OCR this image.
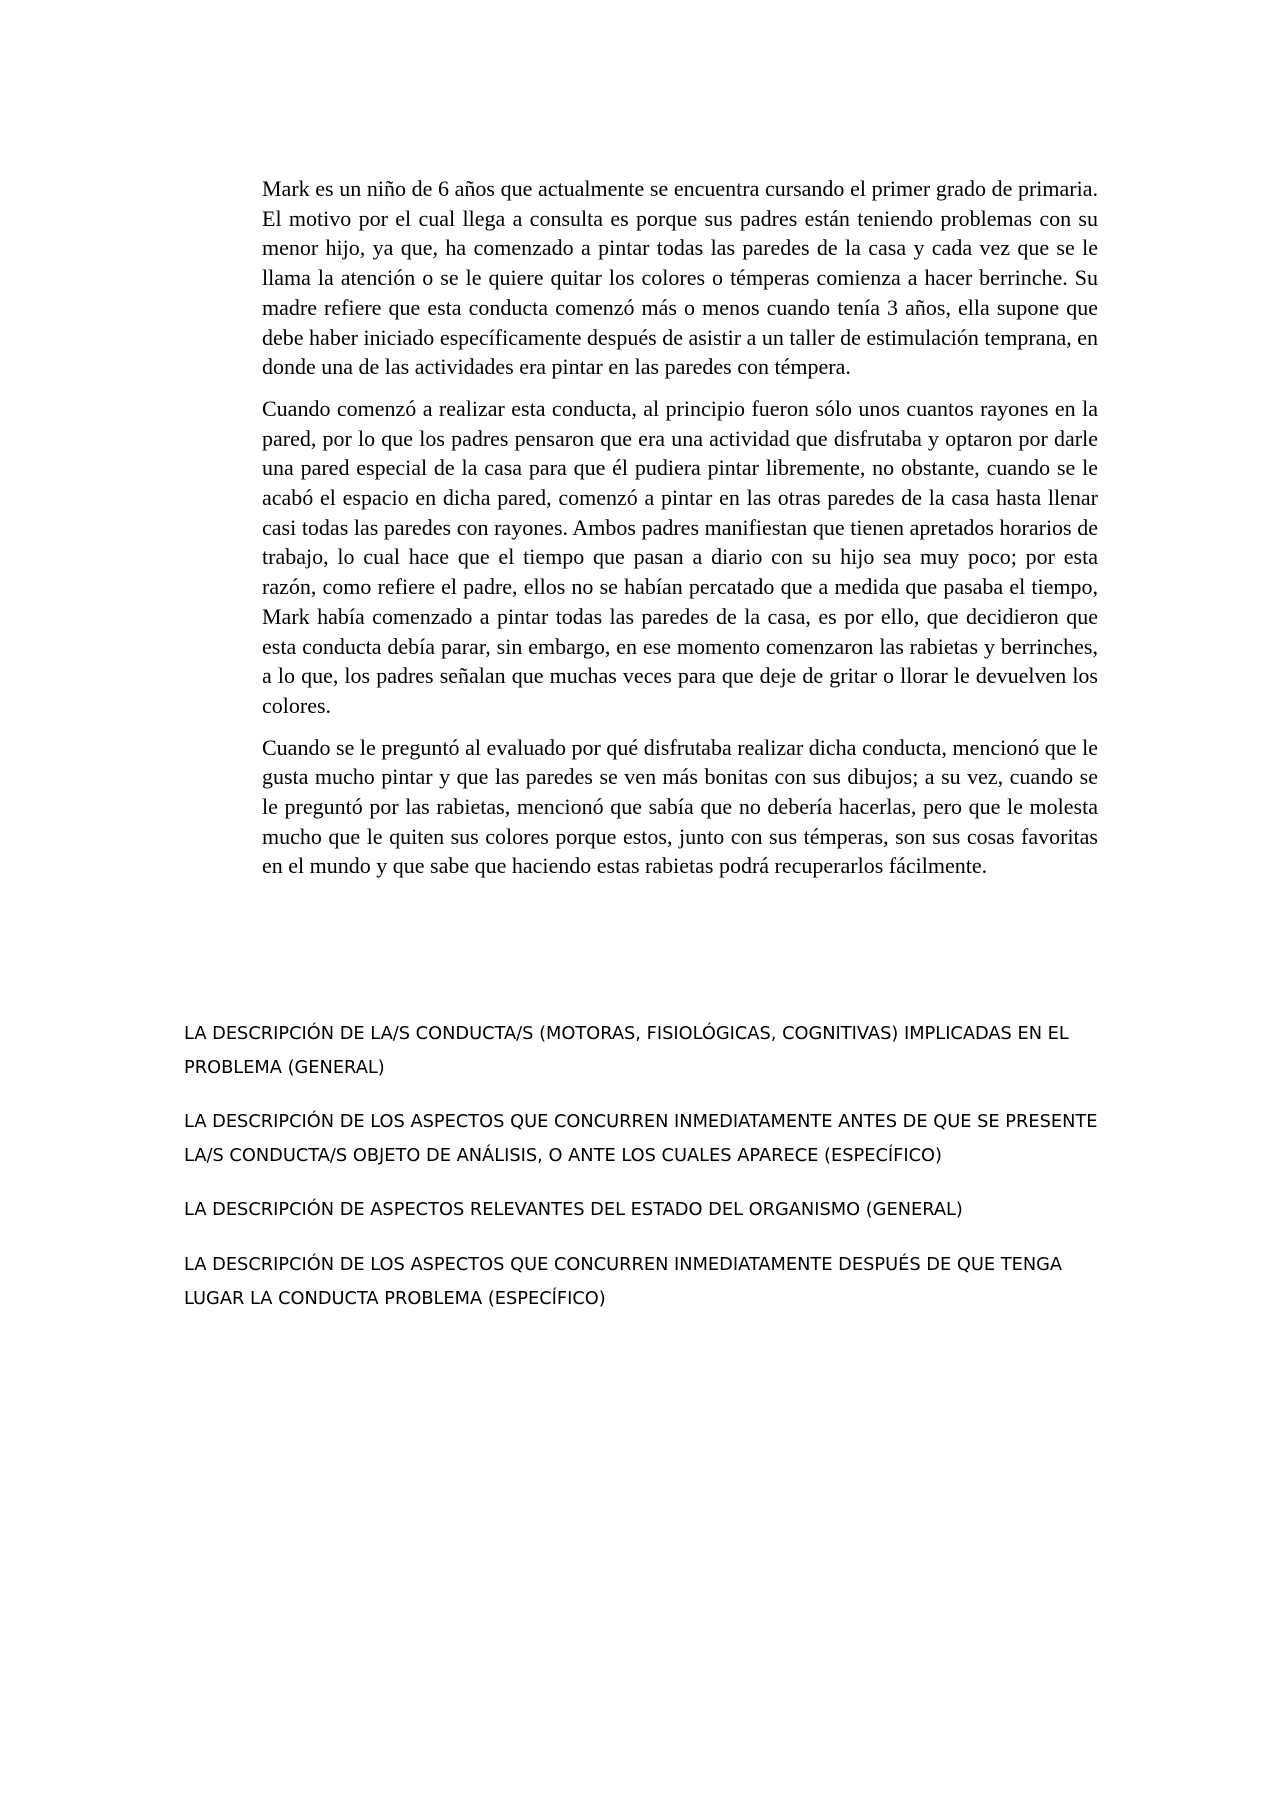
Mark es un niño de 6 años que actualmente se encuentra cursando el primer grado de primaria. El motivo por el cual llega a consulta es porque sus padres están teniendo problemas con su menor hijo, ya que, ha comenzado a pintar todas las paredes de la casa y cada vez que se le llama la atención o se le quiere quitar los colores o témperas comienza a hacer berrinche. Su madre refiere que esta conducta comenzó más o menos cuando tenía 3 años, ella supone que debe haber iniciado específicamente después de asistir a un taller de estimulación temprana, en donde una de las actividades era pintar en las paredes con témpera.

Cuando comenzó a realizar esta conducta, al principio fueron sólo unos cuantos rayones en la pared, por lo que los padres pensaron que era una actividad que disfrutaba y optaron por darle una pared especial de la casa para que él pudiera pintar libremente, no obstante, cuando se le acabó el espacio en dicha pared, comenzó a pintar en las otras paredes de la casa hasta llenar casi todas las paredes con rayones. Ambos padres manifiestan que tienen apretados horarios de trabajo, lo cual hace que el tiempo que pasan a diario con su hijo sea muy poco; por esta razón, como refiere el padre, ellos no se habían percatado que a medida que pasaba el tiempo, Mark había comenzado a pintar todas las paredes de la casa, es por ello, que decidieron que esta conducta debía parar, sin embargo, en ese momento comenzaron las rabietas y berrinches, a lo que, los padres señalan que muchas veces para que deje de gritar o llorar le devuelven los colores.

Cuando se le preguntó al evaluado por qué disfrutaba realizar dicha conducta, mencionó que le gusta mucho pintar y que las paredes se ven más bonitas con sus dibujos; a su vez, cuando se le preguntó por las rabietas, mencionó que sabía que no debería hacerlas, pero que le molesta mucho que le quiten sus colores porque estos, junto con sus témperas, son sus cosas favoritas en el mundo y que sabe que haciendo estas rabietas podrá recuperarlos fácilmente.

LA DESCRIPCIÓN DE LA/S CONDUCTA/S (MOTORAS, FISIOLÓGICAS, COGNITIVAS) IMPLICADAS EN EL PROBLEMA (GENERAL)

LA DESCRIPCIÓN DE LOS ASPECTOS QUE CONCURREN INMEDIATAMENTE ANTES DE QUE SE PRESENTE LA/S CONDUCTA/S OBJETO DE ANÁLISIS, O ANTE LOS CUALES APARECE (ESPECÍFICO)

LA DESCRIPCIÓN DE ASPECTOS RELEVANTES DEL ESTADO DEL ORGANISMO (GENERAL)

LA DESCRIPCIÓN DE LOS ASPECTOS QUE CONCURREN INMEDIATAMENTE DESPUÉS DE QUE TENGA LUGAR LA CONDUCTA PROBLEMA (ESPECÍFICO)
